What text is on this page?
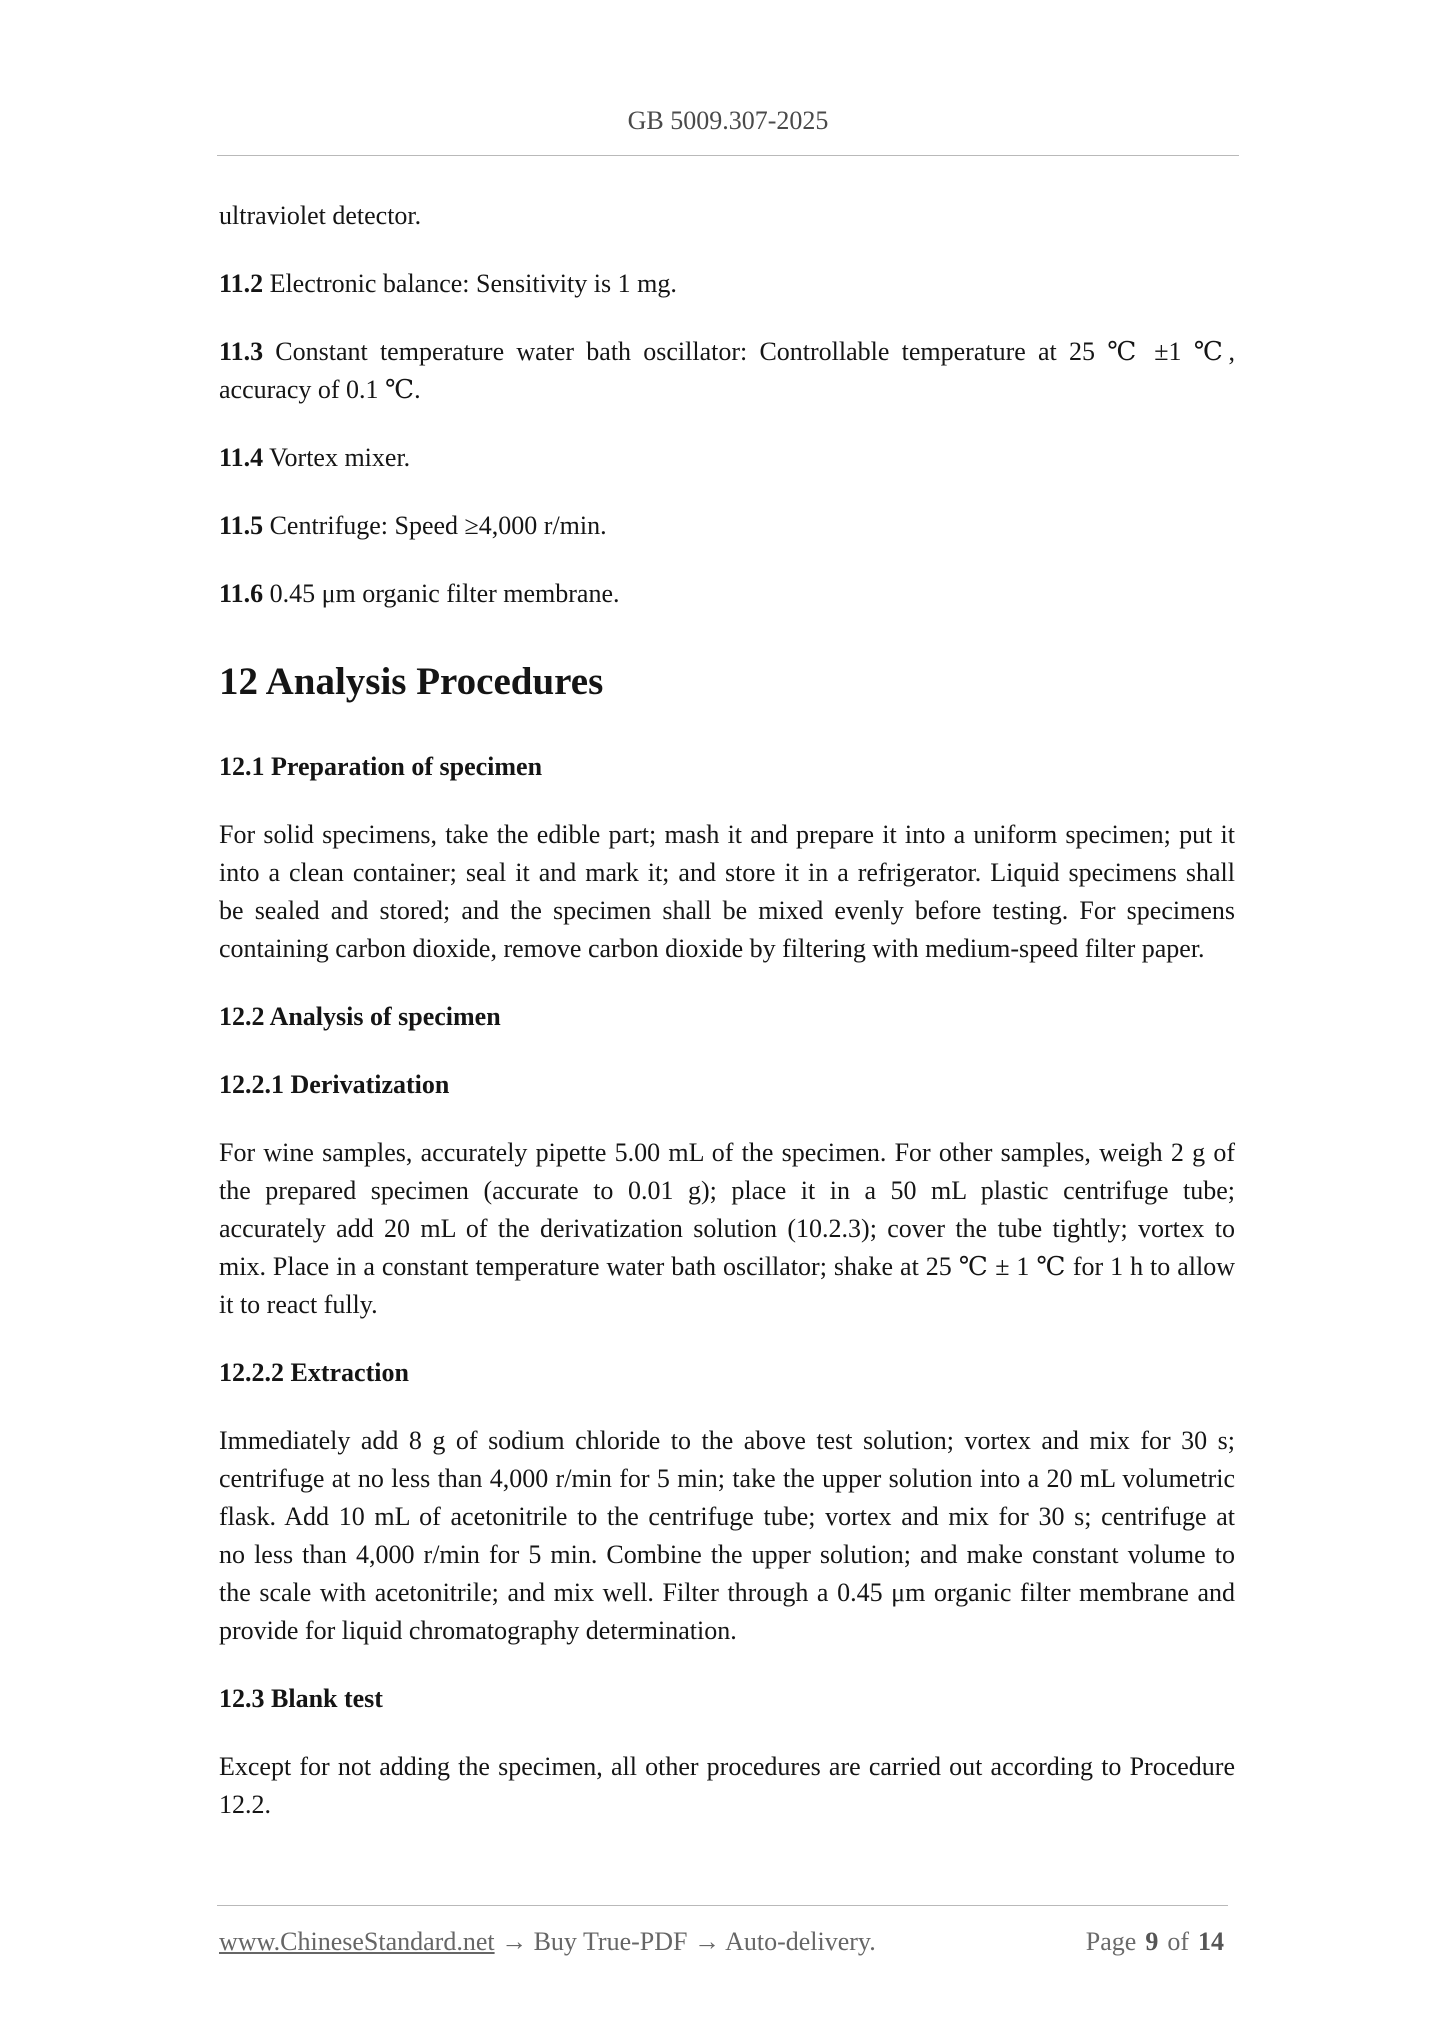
GB 5009.307-2025
ultraviolet detector.
11.2 Electronic balance: Sensitivity is 1 mg.
11.3 Constant temperature water bath oscillator: Controllable temperature at 25 ℃ ±1 ℃,
accuracy of 0.1 ℃.
11.4 Vortex mixer.
11.5 Centrifuge: Speed ≥4,000 r/min.
11.6 0.45 μm organic filter membrane.
12 Analysis Procedures
12.1 Preparation of specimen
For solid specimens, take the edible part; mash it and prepare it into a uniform specimen; put it
into a clean container; seal it and mark it; and store it in a refrigerator. Liquid specimens shall
be sealed and stored; and the specimen shall be mixed evenly before testing. For specimens
containing carbon dioxide, remove carbon dioxide by filtering with medium-speed filter paper.
12.2 Analysis of specimen
12.2.1 Derivatization
For wine samples, accurately pipette 5.00 mL of the specimen. For other samples, weigh 2 g of
the prepared specimen (accurate to 0.01 g); place it in a 50 mL plastic centrifuge tube;
accurately add 20 mL of the derivatization solution (10.2.3); cover the tube tightly; vortex to
mix. Place in a constant temperature water bath oscillator; shake at 25 ℃ ± 1 ℃ for 1 h to allow
it to react fully.
12.2.2 Extraction
Immediately add 8 g of sodium chloride to the above test solution; vortex and mix for 30 s;
centrifuge at no less than 4,000 r/min for 5 min; take the upper solution into a 20 mL volumetric
flask. Add 10 mL of acetonitrile to the centrifuge tube; vortex and mix for 30 s; centrifuge at
no less than 4,000 r/min for 5 min. Combine the upper solution; and make constant volume to
the scale with acetonitrile; and mix well. Filter through a 0.45 μm organic filter membrane and
provide for liquid chromatography determination.
12.3 Blank test
Except for not adding the specimen, all other procedures are carried out according to Procedure
12.2.
www.ChineseStandard.net → Buy True-PDF → Auto-delivery.	Page 9 of 14
